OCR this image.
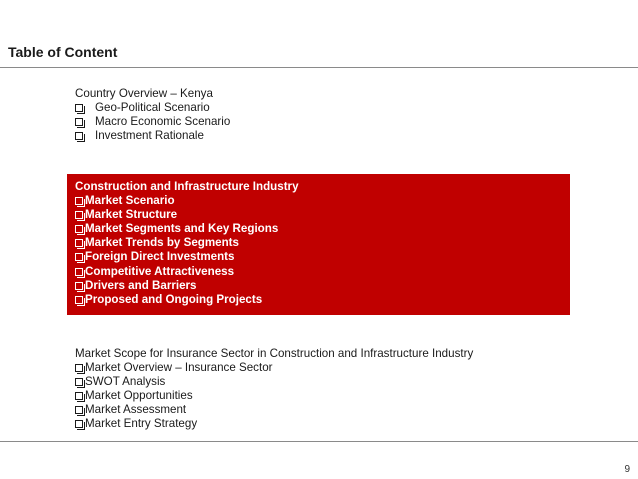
Table of Content
Country Overview – Kenya
Geo-Political Scenario
Macro Economic Scenario
Investment Rationale
Construction and Infrastructure Industry
Market Scenario
Market Structure
Market Segments and Key Regions
Market Trends by Segments
Foreign Direct Investments
Competitive Attractiveness
Drivers and Barriers
Proposed and Ongoing Projects
Market Scope for Insurance Sector in Construction and Infrastructure Industry
Market Overview – Insurance Sector
SWOT Analysis
Market Opportunities
Market Assessment
Market Entry Strategy
9
